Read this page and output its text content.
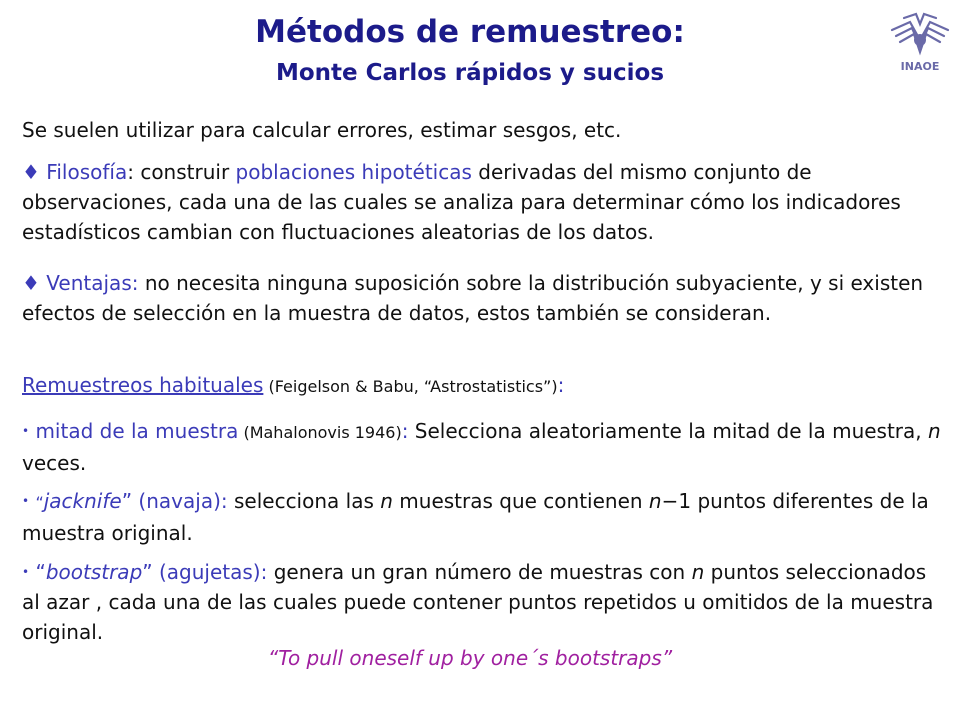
Métodos de remuestreo:
Monte Carlos rápidos y sucios	INAOE
Se suelen utilizar para calcular errores, estimar sesgos, etc.
♦ Filosofía: construir poblaciones hipotéticas derivadas del mismo conjunto de observaciones, cada una de las cuales se analiza para determinar cómo los indicadores estadísticos cambian con fluctuaciones aleatorias de los datos.
♦ Ventajas: no necesita ninguna suposición sobre la distribución subyaciente, y si existen efectos de selección en la muestra de datos, estos también se consideran.
Remuestreos habituales (Feigelson & Babu, “Astrostatistics”):
• mitad de la muestra (Mahalonovis 1946): Selecciona aleatoriamente la mitad de la muestra, n veces.
• “jacknife” (navaja): selecciona las n muestras que contienen n−1 puntos diferentes de la muestra original.
• “bootstrap” (agujetas): genera un gran número de muestras con n puntos seleccionados al azar , cada una de las cuales puede contener puntos repetidos u omitidos de la muestra original.
“To pull oneself up by one´s bootstraps”
